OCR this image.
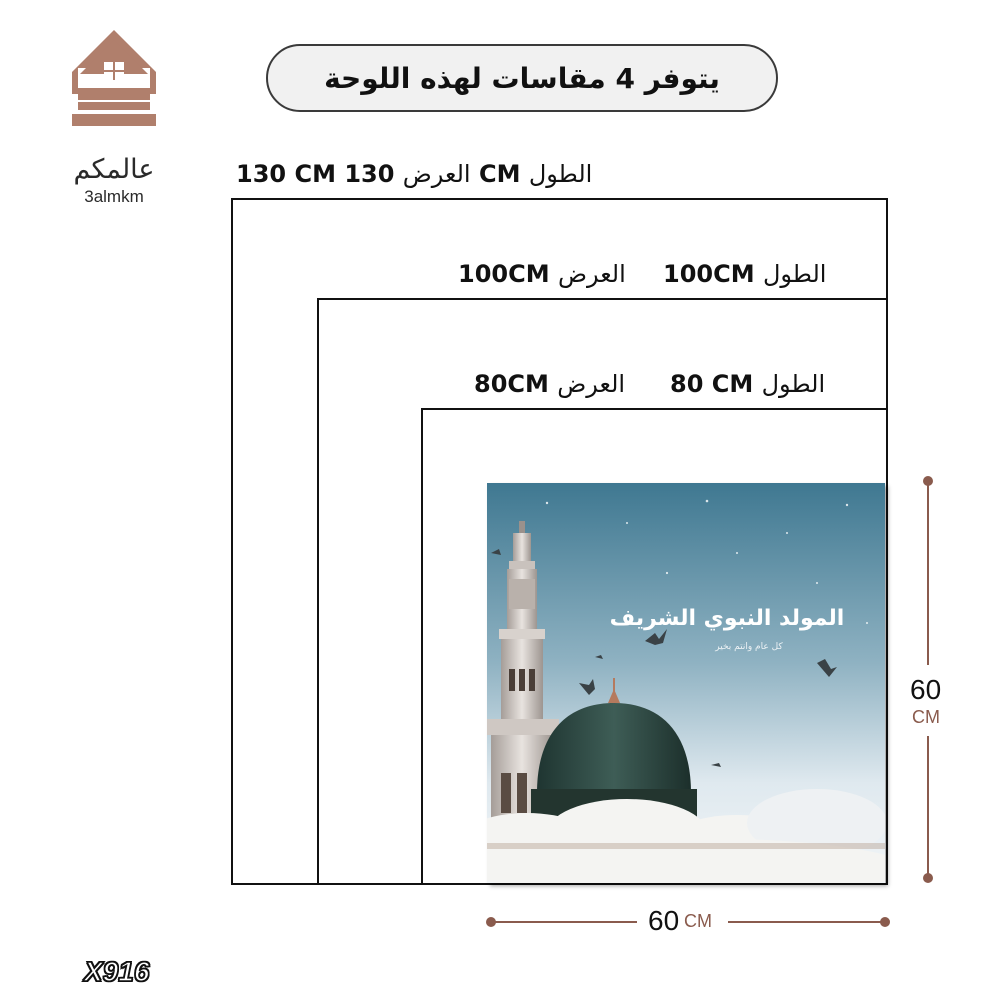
عالمكم
3almkm
يتوفر 4 مقاسات لهذه اللوحة
130 CM	العرض 130 CM الطول
100CM العرض 100CM الطول
80CM العرض 80 CM الطول
المولد النبوي الشريف
كل عام وانتم بخير
60
CM
60 CM
X916
